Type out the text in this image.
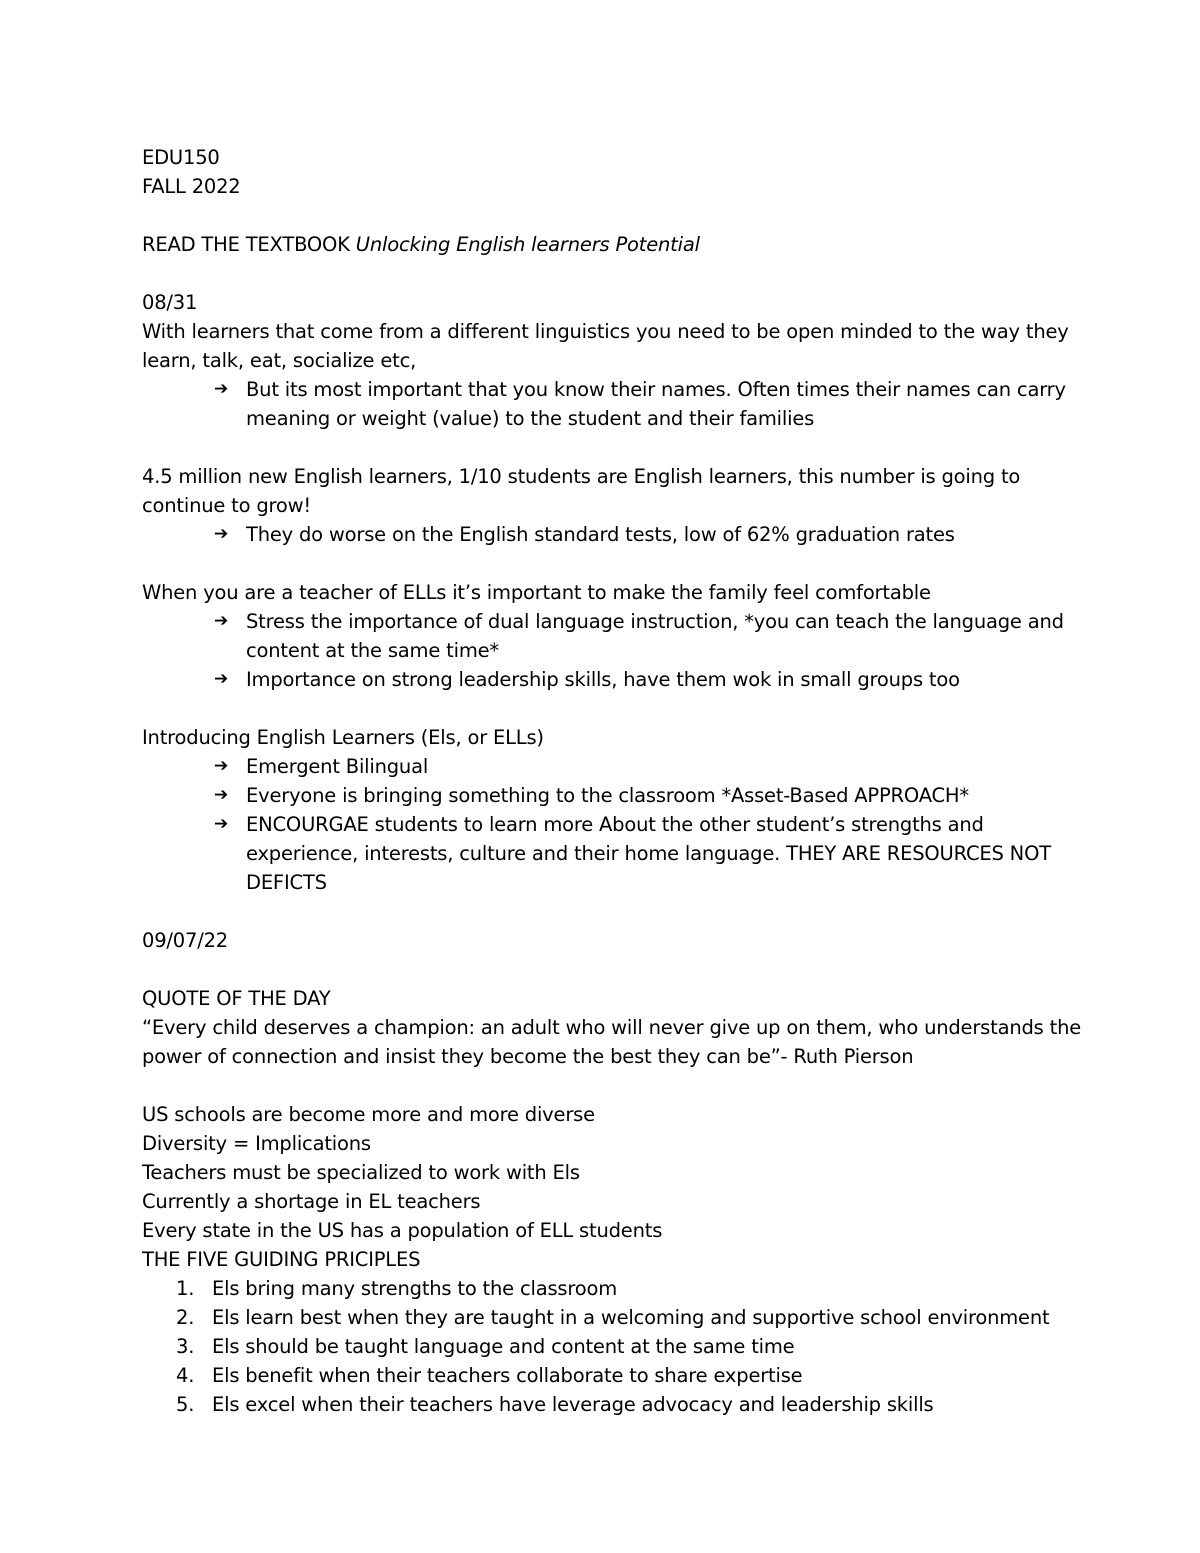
EDU150
FALL 2022
READ THE TEXTBOOK Unlocking English learners Potential
08/31
With learners that come from a different linguistics you need to be open minded to the way they learn, talk, eat, socialize etc,
➔ But its most important that you know their names. Often times their names can carry meaning or weight (value) to the student and their families
4.5 million new English learners, 1/10 students are English learners, this number is going to continue to grow!
➔ They do worse on the English standard tests, low of 62% graduation rates
When you are a teacher of ELLs it’s important to make the family feel comfortable
➔ Stress the importance of dual language instruction, *you can teach the language and content at the same time*
➔ Importance on strong leadership skills, have them wok in small groups too
Introducing English Learners (Els, or ELLs)
➔ Emergent Bilingual
➔ Everyone is bringing something to the classroom *Asset-Based APPROACH*
➔ ENCOURGAE students to learn more About the other student’s strengths and experience, interests, culture and their home language. THEY ARE RESOURCES NOT DEFICTS
09/07/22
QUOTE OF THE DAY
“Every child deserves a champion: an adult who will never give up on them, who understands the power of connection and insist they become the best they can be”- Ruth Pierson
US schools are become more and more diverse
Diversity = Implications
Teachers must be specialized to work with Els
Currently a shortage in EL teachers
Every state in the US has a population of ELL students
THE FIVE GUIDING PRICIPLES
1. Els bring many strengths to the classroom
2. Els learn best when they are taught in a welcoming and supportive school environment
3. Els should be taught language and content at the same time
4. Els benefit when their teachers collaborate to share expertise
5. Els excel when their teachers have leverage advocacy and leadership skills
